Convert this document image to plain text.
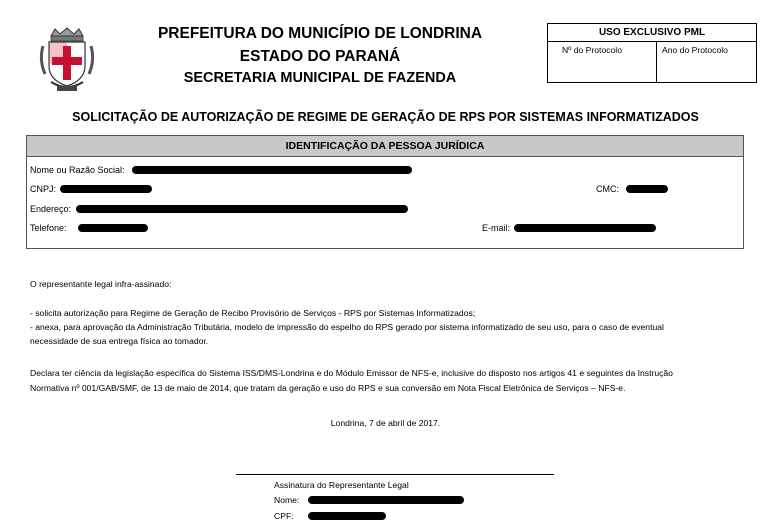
PREFEITURA DO MUNICÍPIO DE LONDRINA
ESTADO DO PARANÁ
SECRETARIA MUNICIPAL DE FAZENDA
USO EXCLUSIVO PML
Nº do Protocolo	Ano do Protocolo
SOLICITAÇÃO DE AUTORIZAÇÃO DE REGIME DE GERAÇÃO DE RPS POR SISTEMAS INFORMATIZADOS
IDENTIFICAÇÃO DA PESSOA JURÍDICA
Nome ou Razão Social:
CNPJ:	CMC:
Endereço:
Telefone:	E-mail:
O representante legal infra-assinado:
- solicita autorização para Regime de Geração de Recibo Provisório de Serviços - RPS por Sistemas Informatizados;
- anexa, para aprovação da Administração Tributária, modelo de impressão do espelho do RPS gerado por sistema informatizado de seu uso, para o caso de eventual
necessidade de sua entrega física ao tomador.
Declara ter ciência da legislação específica do Sistema ISS/DMS-Londrina e do Módulo Emissor de NFS-e, inclusive do disposto nos artigos 41 e seguintes da Instrução
Normativa nº 001/GAB/SMF, de 13 de maio de 2014, que tratam da geração e uso do RPS e sua conversão em Nota Fiscal Eletrônica de Serviços – NFS-e.
Londrina, 7 de abril de 2017.
Assinatura do Representante Legal
Nome:
CPF:
